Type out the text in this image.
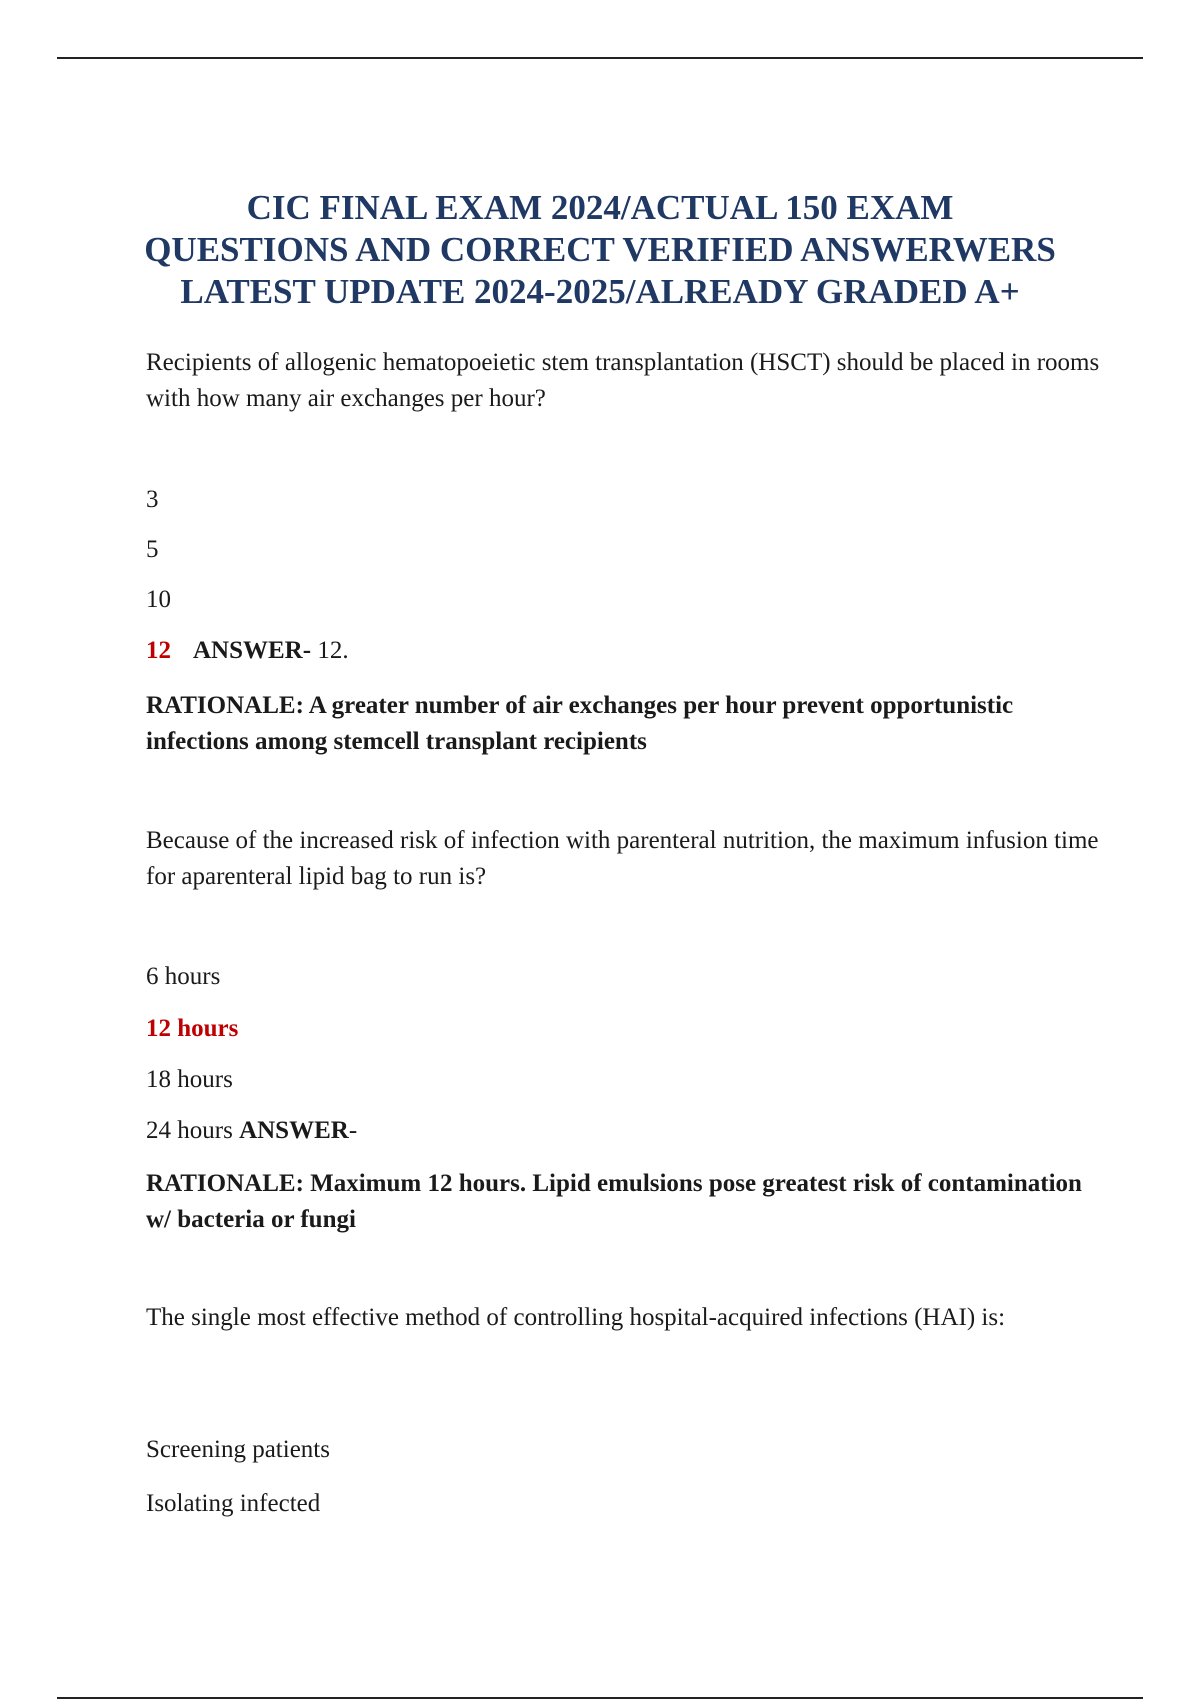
CIC FINAL EXAM 2024/ACTUAL 150 EXAM
QUESTIONS AND CORRECT VERIFIED ANSWERWERS
LATEST UPDATE 2024-2025/ALREADY GRADED A+

Recipients of allogenic hematopoeietic stem transplantation (HSCT) should be placed in rooms with how many air exchanges per hour?

3

5

10

12 ANSWER- 12.

RATIONALE: A greater number of air exchanges per hour prevent opportunistic infections among stemcell transplant recipients

Because of the increased risk of infection with parenteral nutrition, the maximum infusion time for aparenteral lipid bag to run is?

6 hours

12 hours

18 hours

24 hours ANSWER-

RATIONALE: Maximum 12 hours. Lipid emulsions pose greatest risk of contamination w/ bacteria or fungi

The single most effective method of controlling hospital-acquired infections (HAI) is:

Screening patients

Isolating infected
